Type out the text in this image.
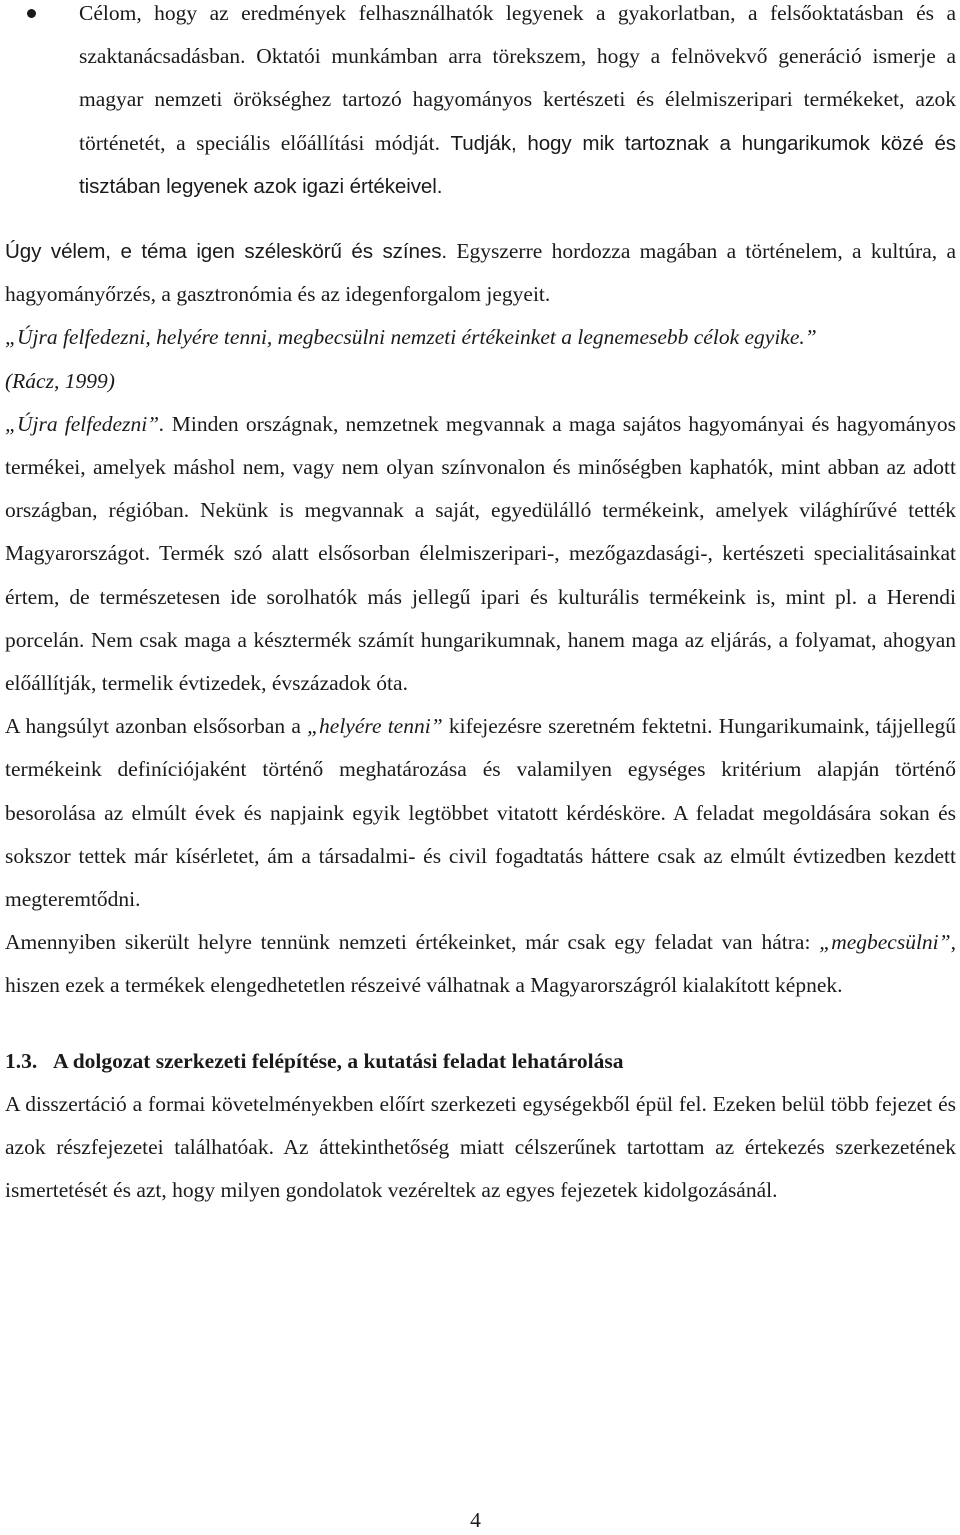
Célom, hogy az eredmények felhasználhatók legyenek a gyakorlatban, a felsőoktatásban és a szaktanácsadásban. Oktatói munkámban arra törekszem, hogy a felnövekvő generáció ismerje a magyar nemzeti örökséghez tartozó hagyományos kertészeti és élelmiszeripari termékeket, azok történetét, a speciális előállítási módját. Tudják, hogy mik tartoznak a hungarikumok közé és tisztában legyenek azok igazi értékeivel.

Úgy vélem, e téma igen széleskörű és színes. Egyszerre hordozza magában a történelem, a kultúra, a hagyományőrzés, a gasztronómia és az idegenforgalom jegyeit.

„Újra felfedezni, helyére tenni, megbecsülni nemzeti értékeinket a legnemesebb célok egyike.”
(Rácz, 1999)

„Újra felfedezni”. Minden országnak, nemzetnek megvannak a maga sajátos hagyományai és hagyományos termékei, amelyek máshol nem, vagy nem olyan színvonalon és minőségben kaphatók, mint abban az adott országban, régióban. Nekünk is megvannak a saját, egyedülálló termékeink, amelyek világhírűvé tették Magyarországot. Termék szó alatt elsősorban élelmiszeripari-, mezőgazdasági-, kertészeti specialitásainkat értem, de természetesen ide sorolhatók más jellegű ipari és kulturális termékeink is, mint pl. a Herendi porcelán. Nem csak maga a késztermék számít hungarikumnak, hanem maga az eljárás, a folyamat, ahogyan előállítják, termelik évtizedek, évszázadok óta.

A hangsúlyt azonban elsősorban a „helyére tenni” kifejezésre szeretném fektetni. Hungarikumaink, tájjellegű termékeink definíciójaként történő meghatározása és valamilyen egységes kritérium alapján történő besorolása az elmúlt évek és napjaink egyik legtöbbet vitatott kérdésköre. A feladat megoldására sokan és sokszor tettek már kísérletet, ám a társadalmi- és civil fogadtatás háttere csak az elmúlt évtizedben kezdett megteremtődni.

Amennyiben sikerült helyre tennünk nemzeti értékeinket, már csak egy feladat van hátra: „megbecsülni”, hiszen ezek a termékek elengedhetetlen részeivé válhatnak a Magyarországról kialakított képnek.

1.3. A dolgozat szerkezeti felépítése, a kutatási feladat lehatárolása

A disszertáció a formai követelményekben előírt szerkezeti egységekből épül fel. Ezeken belül több fejezet és azok részfejezetei találhatóak. Az áttekinthetőség miatt célszerűnek tartottam az értekezés szerkezetének ismertetését és azt, hogy milyen gondolatok vezéreltek az egyes fejezetek kidolgozásánál.

4
